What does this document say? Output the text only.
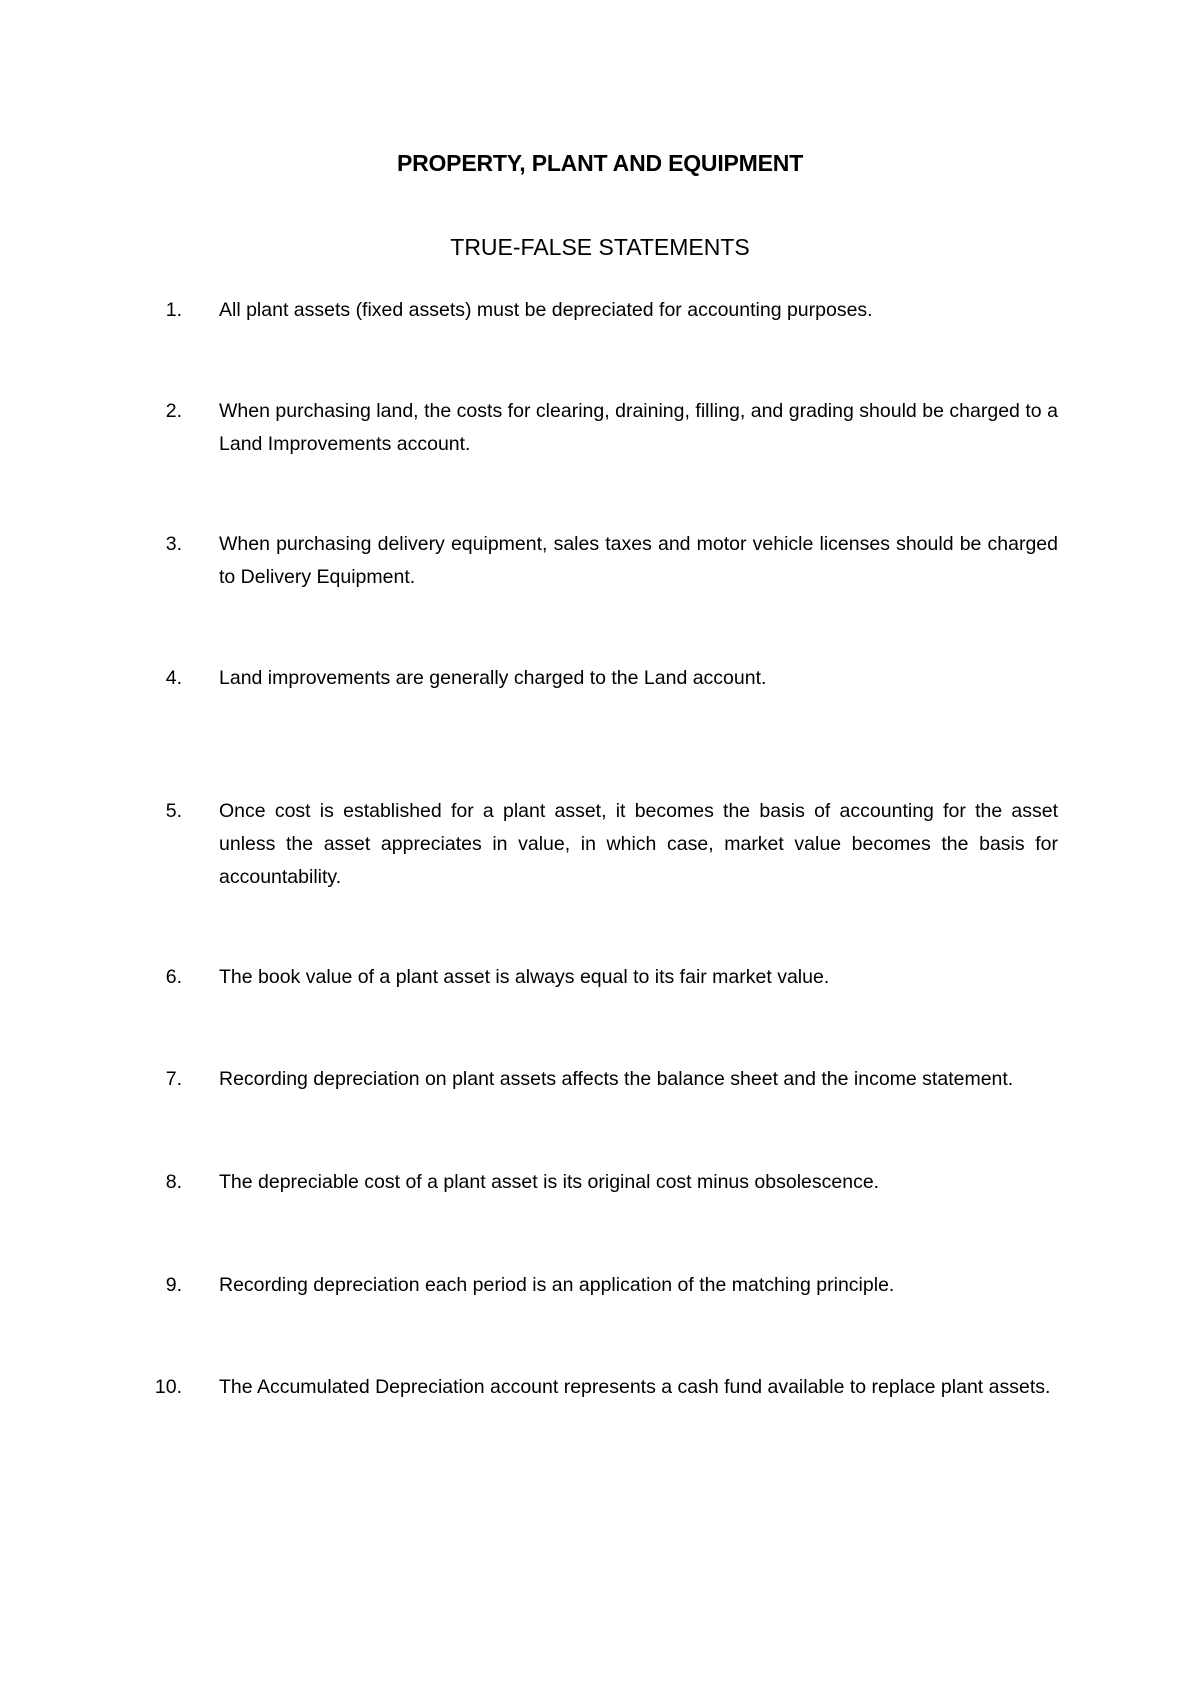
PROPERTY, PLANT AND EQUIPMENT
TRUE-FALSE STATEMENTS
1. All plant assets (fixed assets) must be depreciated for accounting purposes.
2. When purchasing land, the costs for clearing, draining, filling, and grading should be charged to a Land Improvements account.
3. When purchasing delivery equipment, sales taxes and motor vehicle licenses should be charged to Delivery Equipment.
4. Land improvements are generally charged to the Land account.
5. Once cost is established for a plant asset, it becomes the basis of accounting for the asset unless the asset appreciates in value, in which case, market value becomes the basis for accountability.
6. The book value of a plant asset is always equal to its fair market value.
7. Recording depreciation on plant assets affects the balance sheet and the income statement.
8. The depreciable cost of a plant asset is its original cost minus obsolescence.
9. Recording depreciation each period is an application of the matching principle.
10. The Accumulated Depreciation account represents a cash fund available to replace plant assets.
